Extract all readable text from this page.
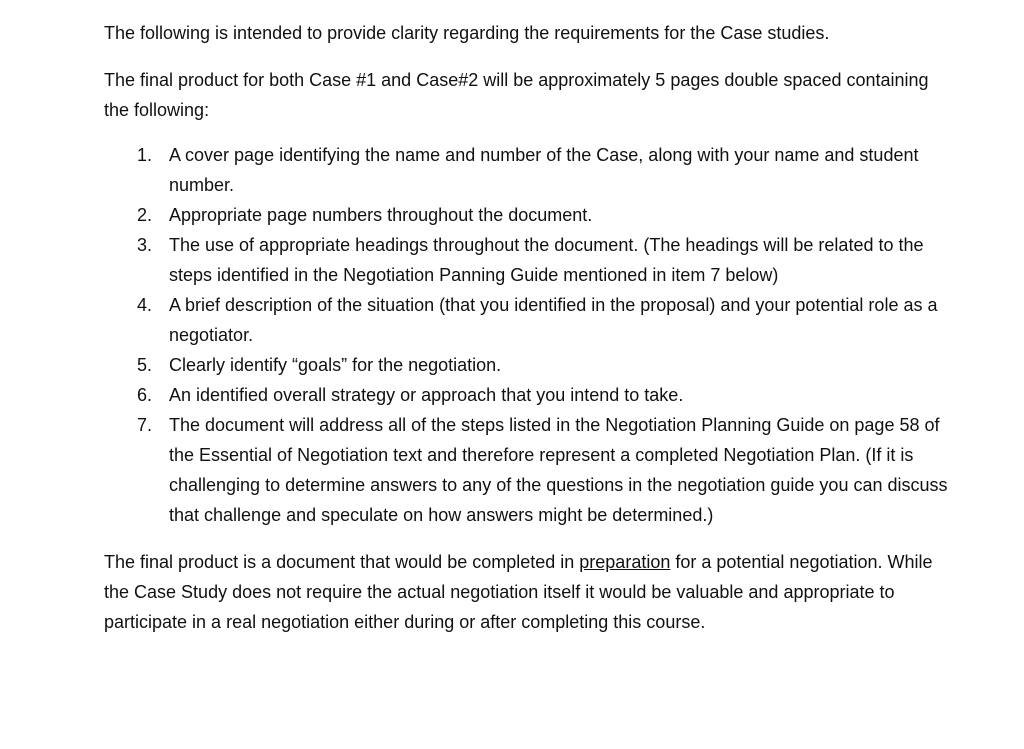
The following is intended to provide clarity regarding the requirements for the Case studies.

The final product for both Case #1 and Case#2 will be approximately 5 pages double spaced containing the following:

1. A cover page identifying the name and number of the Case, along with your name and student number.
2. Appropriate page numbers throughout the document.
3. The use of appropriate headings throughout the document. (The headings will be related to the steps identified in the Negotiation Panning Guide mentioned in item 7 below)
4. A brief description of the situation (that you identified in the proposal) and your potential role as a negotiator.
5. Clearly identify “goals” for the negotiation.
6. An identified overall strategy or approach that you intend to take.
7. The document will address all of the steps listed in the Negotiation Planning Guide on page 58 of the Essential of Negotiation text and therefore represent a completed Negotiation Plan. (If it is challenging to determine answers to any of the questions in the negotiation guide you can discuss that challenge and speculate on how answers might be determined.)

The final product is a document that would be completed in preparation for a potential negotiation. While the Case Study does not require the actual negotiation itself it would be valuable and appropriate to participate in a real negotiation either during or after completing this course.
